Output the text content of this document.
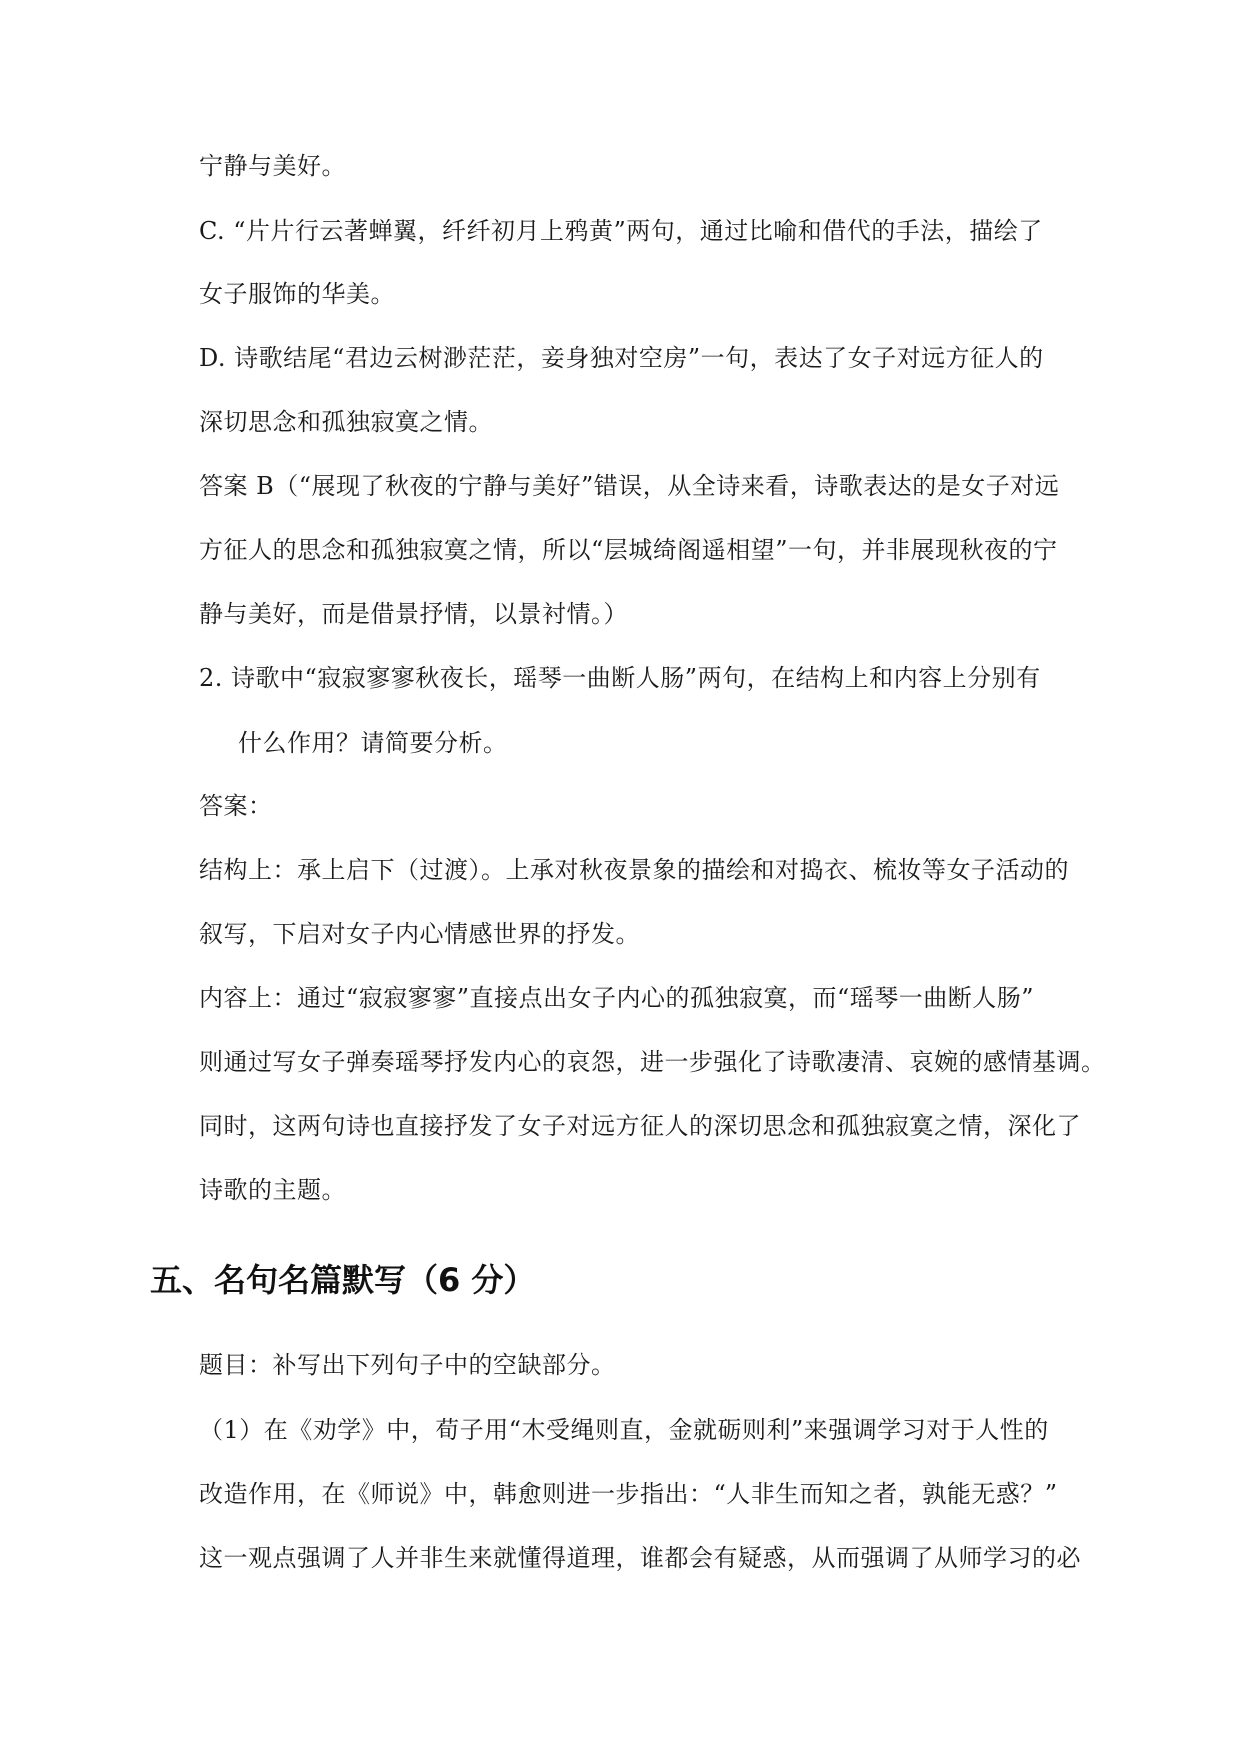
宁静与美好。
C. “片片行云著蝉翼，纤纤初月上鸦黄”两句，通过比喻和借代的手法，描绘了
女子服饰的华美。
D. 诗歌结尾“君边云树渺茫茫，妾身独对空房”一句，表达了女子对远方征人的
深切思念和孤独寂寞之情。
答案 B（“展现了秋夜的宁静与美好”错误，从全诗来看，诗歌表达的是女子对远
方征人的思念和孤独寂寞之情，所以“层城绮阁遥相望”一句，并非展现秋夜的宁
静与美好，而是借景抒情，以景衬情。）
2. 诗歌中“寂寂寥寥秋夜长，瑶琴一曲断人肠”两句，在结构上和内容上分别有
什么作用？请简要分析。
答案：
结构上：承上启下（过渡）。上承对秋夜景象的描绘和对捣衣、梳妆等女子活动的
叙写，下启对女子内心情感世界的抒发。
内容上：通过“寂寂寥寥”直接点出女子内心的孤独寂寞，而“瑶琴一曲断人肠”
则通过写女子弹奏瑶琴抒发内心的哀怨，进一步强化了诗歌凄清、哀婉的感情基调。
同时，这两句诗也直接抒发了女子对远方征人的深切思念和孤独寂寞之情，深化了
诗歌的主题。
五、名句名篇默写（6 分）
题目：补写出下列句子中的空缺部分。
（1）在《劝学》中，荀子用“木受绳则直，金就砺则利”来强调学习对于人性的
改造作用，在《师说》中，韩愈则进一步指出：“人非生而知之者，孰能无惑？”
这一观点强调了人并非生来就懂得道理，谁都会有疑惑，从而强调了从师学习的必
